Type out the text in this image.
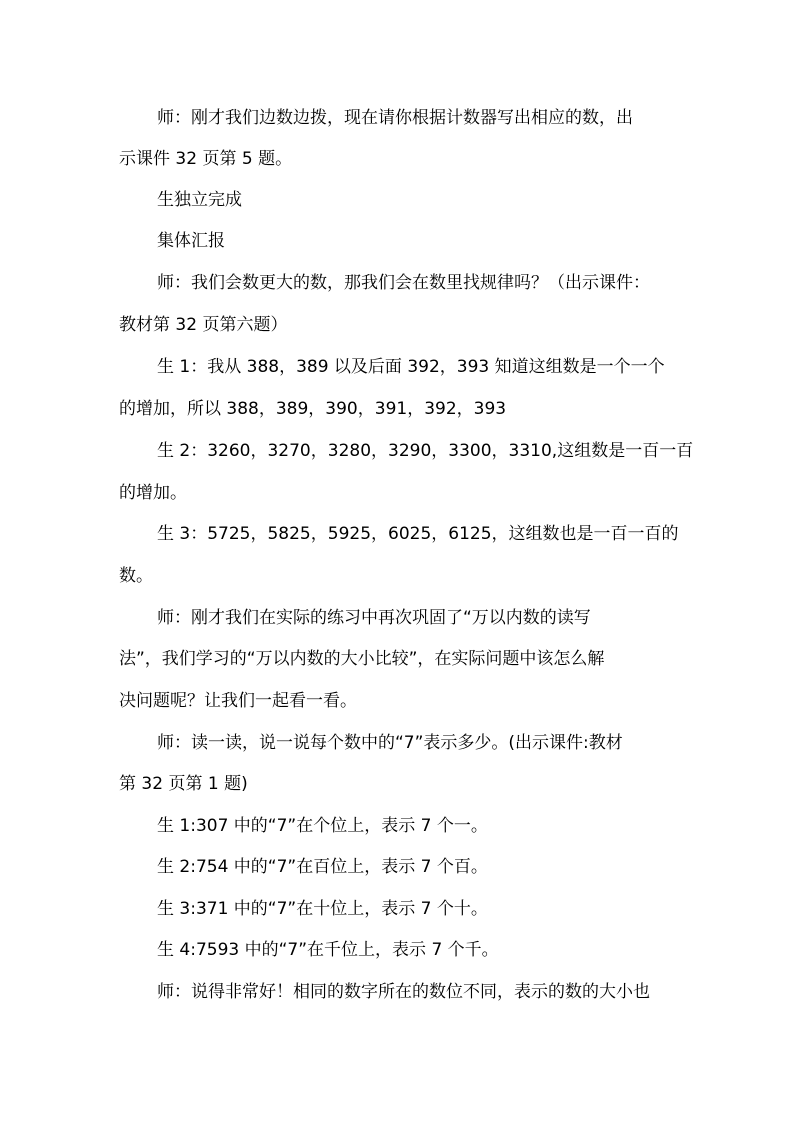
师：刚才我们边数边拨，现在请你根据计数器写出相应的数，出
示课件 32 页第 5 题。
生独立完成
集体汇报
师：我们会数更大的数，那我们会在数里找规律吗？（出示课件：
教材第 32 页第六题）
生 1：我从 388，389 以及后面 392，393 知道这组数是一个一个
的增加，所以 388，389，390，391，392，393
生 2：3260，3270，3280，3290，3300，3310,这组数是一百一百
的增加。
生 3：5725，5825，5925，6025，6125，这组数也是一百一百的
数。
师：刚才我们在实际的练习中再次巩固了“万以内数的读写
法”，我们学习的“万以内数的大小比较”，在实际问题中该怎么解
决问题呢？让我们一起看一看。
师：读一读，说一说每个数中的“7”表示多少。(出示课件:教材
第 32 页第 1 题)
生 1:307 中的“7”在个位上，表示 7 个一。
生 2:754 中的“7”在百位上，表示 7 个百。
生 3:371 中的“7”在十位上，表示 7 个十。
生 4:7593 中的“7”在千位上，表示 7 个千。
师：说得非常好！相同的数字所在的数位不同，表示的数的大小也
